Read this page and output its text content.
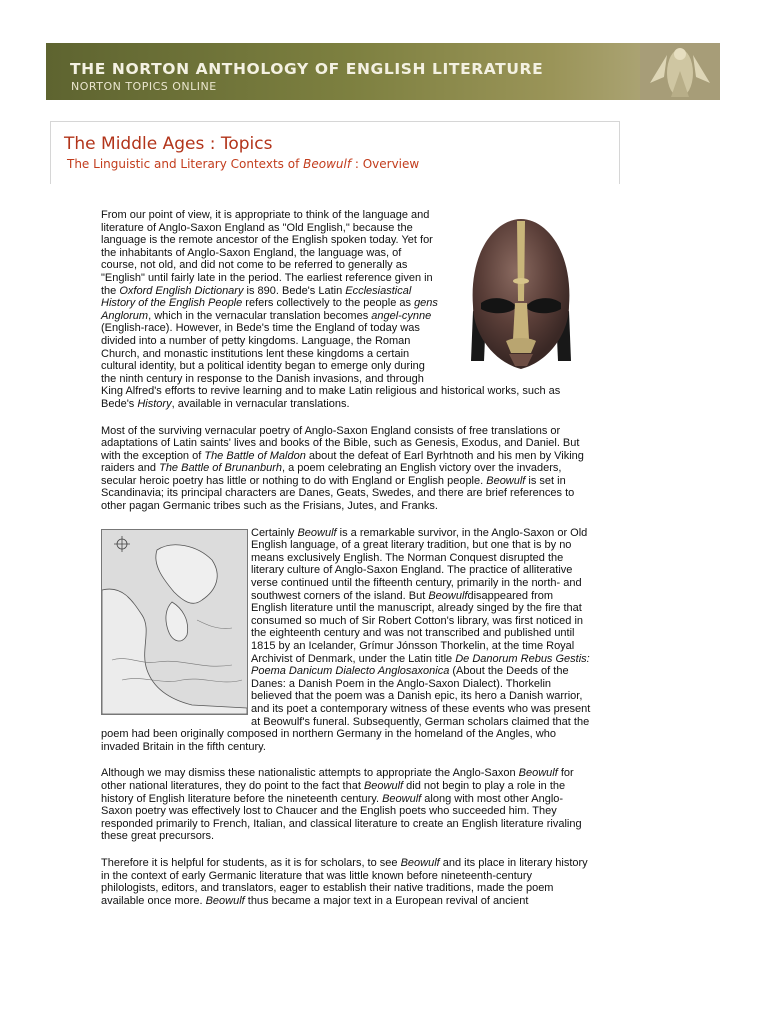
THE NORTON ANTHOLOGY OF ENGLISH LITERATURE
NORTON TOPICS ONLINE
The Middle Ages : Topics
The Linguistic and Literary Contexts of Beowulf : Overview

From our point of view, it is appropriate to think of the language and literature of Anglo-Saxon England as "Old English," because the language is the remote ancestor of the English spoken today. Yet for the inhabitants of Anglo-Saxon England, the language was, of course, not old, and did not come to be referred to generally as "English" until fairly late in the period. The earliest reference given in the Oxford English Dictionary is 890. Bede's Latin Ecclesiastical History of the English People refers collectively to the people as gens Anglorum, which in the vernacular translation becomes angel-cynne (English-race). However, in Bede's time the England of today was divided into a number of petty kingdoms. Language, the Roman Church, and monastic institutions lent these kingdoms a certain cultural identity, but a political identity began to emerge only during the ninth century in response to the Danish invasions, and through King Alfred's efforts to revive learning and to make Latin religious and historical works, such as Bede's History, available in vernacular translations.

Most of the surviving vernacular poetry of Anglo-Saxon England consists of free translations or adaptations of Latin saints' lives and books of the Bible, such as Genesis, Exodus, and Daniel. But with the exception of The Battle of Maldon about the defeat of Earl Byrhtnoth and his men by Viking raiders and The Battle of Brunanburh, a poem celebrating an English victory over the invaders, secular heroic poetry has little or nothing to do with England or English people. Beowulf is set in Scandinavia; its principal characters are Danes, Geats, Swedes, and there are brief references to other pagan Germanic tribes such as the Frisians, Jutes, and Franks.

Certainly Beowulf is a remarkable survivor, in the Anglo-Saxon or Old English language, of a great literary tradition, but one that is by no means exclusively English. The Norman Conquest disrupted the literary culture of Anglo-Saxon England. The practice of alliterative verse continued until the fifteenth century, primarily in the north- and southwest corners of the island. But Beowulfdisappeared from English literature until the manuscript, already singed by the fire that consumed so much of Sir Robert Cotton's library, was first noticed in the eighteenth century and was not transcribed and published until 1815 by an Icelander, Grímur Jónsson Thorkelin, at the time Royal Archivist of Denmark, under the Latin title De Danorum Rebus Gestis: Poema Danicum Dialecto Anglosaxonica (About the Deeds of the Danes: a Danish Poem in the Anglo-Saxon Dialect). Thorkelin believed that the poem was a Danish epic, its hero a Danish warrior, and its poet a contemporary witness of these events who was present at Beowulf's funeral. Subsequently, German scholars claimed that the poem had been originally composed in northern Germany in the homeland of the Angles, who invaded Britain in the fifth century.

Although we may dismiss these nationalistic attempts to appropriate the Anglo-Saxon Beowulf for other national literatures, they do point to the fact that Beowulf did not begin to play a role in the history of English literature before the nineteenth century. Beowulf along with most other Anglo-Saxon poetry was effectively lost to Chaucer and the English poets who succeeded him. They responded primarily to French, Italian, and classical literature to create an English literature rivaling these great precursors.

Therefore it is helpful for students, as it is for scholars, to see Beowulf and its place in literary history in the context of early Germanic literature that was little known before nineteenth-century philologists, editors, and translators, eager to establish their native traditions, made the poem available once more. Beowulf thus became a major text in a European revival of ancient
